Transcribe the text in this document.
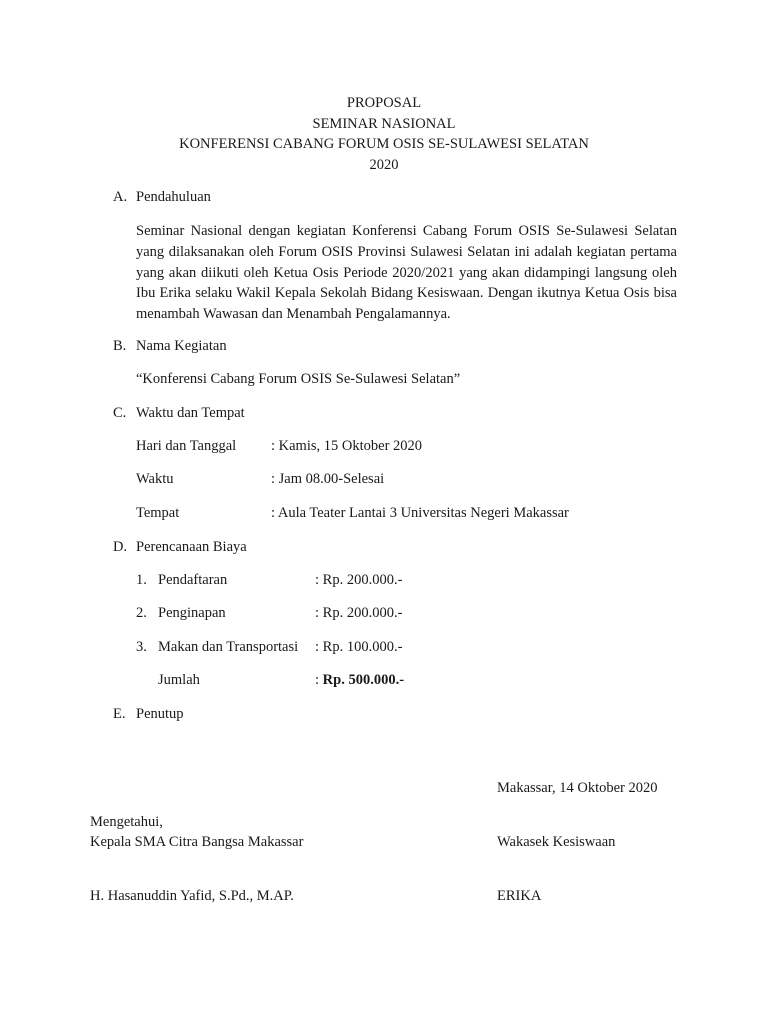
PROPOSAL
SEMINAR NASIONAL
KONFERENSI CABANG FORUM OSIS SE-SULAWESI SELATAN
2020
A. Pendahuluan
Seminar Nasional dengan kegiatan Konferensi Cabang Forum OSIS Se-Sulawesi Selatan yang dilaksanakan oleh Forum OSIS Provinsi Sulawesi Selatan ini adalah kegiatan pertama yang akan diikuti oleh Ketua Osis Periode 2020/2021 yang akan didampingi langsung oleh Ibu Erika selaku Wakil Kepala Sekolah Bidang Kesiswaan. Dengan ikutnya Ketua Osis bisa menambah Wawasan dan Menambah Pengalamannya.
B. Nama Kegiatan
“Konferensi Cabang Forum OSIS Se-Sulawesi Selatan”
C. Waktu dan Tempat
Hari dan Tanggal : Kamis, 15 Oktober 2020
Waktu	: Jam 08.00-Selesai
Tempat	: Aula Teater Lantai 3 Universitas Negeri Makassar
D. Perencanaan Biaya
1. Pendaftaran	: Rp. 200.000.-
2. Penginapan	: Rp. 200.000.-
3. Makan dan Transportasi : Rp. 100.000.-
Jumlah	: Rp. 500.000.-
E. Penutup
Makassar, 14 Oktober 2020
Mengetahui,
Kepala SMA Citra Bangsa Makassar	Wakasek Kesiswaan
H. Hasanuddin Yafid, S.Pd., M.AP.	ERIKA
